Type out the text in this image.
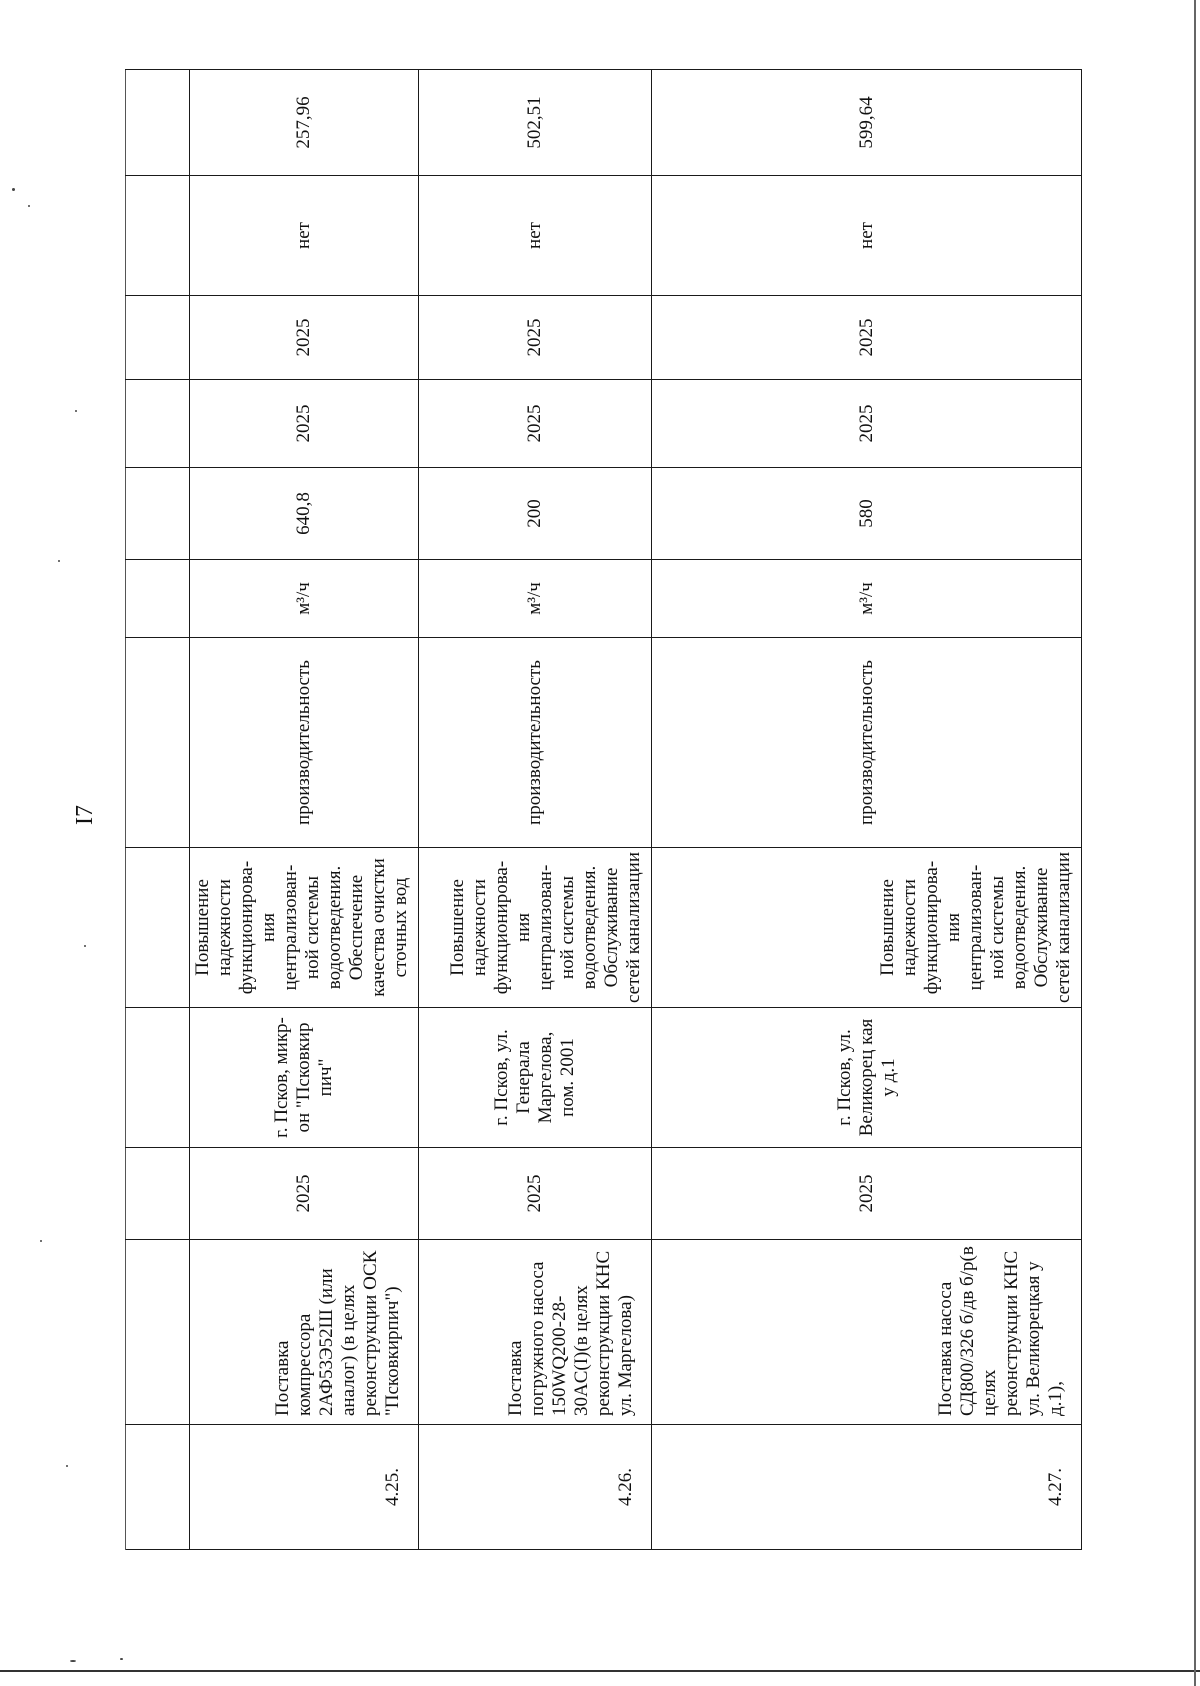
I7

4.25.	Поставка компрессора 2АФ53Э52Ш (или аналог) (в целях реконструкции ОСК "Псковкирпич")	2025	г. Псков, микр-он "Псковкир пич"	Повышение надежности функционирова-ния централизован-ной системы водоотведения. Обеспечение качества очистки сточных вод	производительность	м³/ч	640,8	2025	2025	нет	257,96
4.26.	Поставка погружного насоса 150WQ200-28-30AC(I)(в целях реконструкции КНС ул. Маргелова)	2025	г. Псков, ул. Генерала Маргелова, пом. 2001	Повышение надежности функционирова-ния централизован-ной системы водоотведения. Обслуживание сетей канализации	производительность	м³/ч	200	2025	2025	нет	502,51
4.27.	Поставка насоса СД800/326 б/дв б/р(в целях реконструкции КНС ул. Великорецкая у д.1),	2025	г. Псков, ул. Великорец кая у д.1	Повышение надежности функционирова-ния централизован-ной системы водоотведения. Обслуживание сетей канализации	производительность	м³/ч	580	2025	2025	нет	599,64
